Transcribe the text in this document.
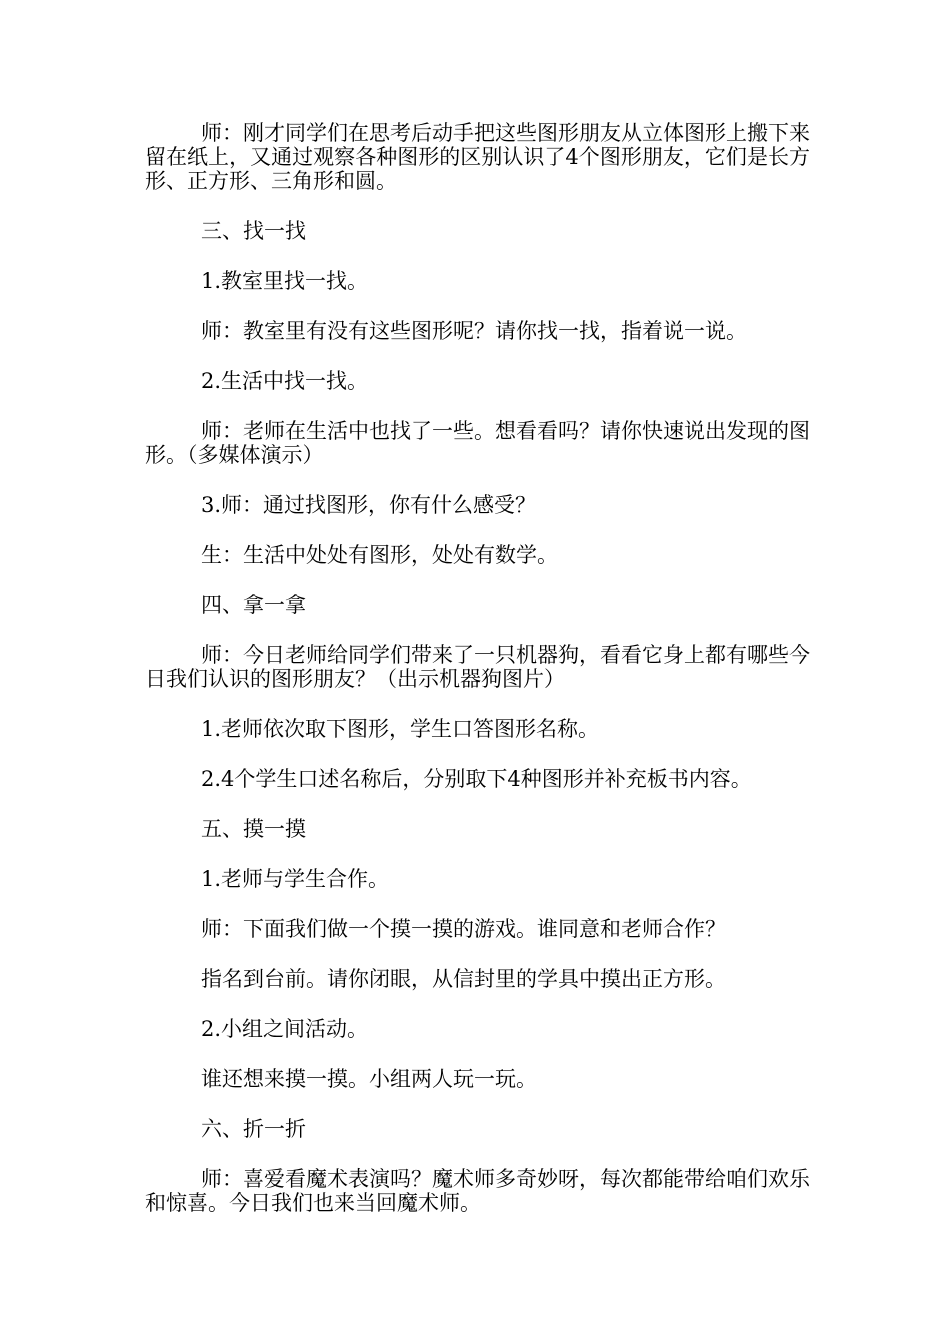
师：刚才同学们在思考后动手把这些图形朋友从立体图形上搬下来留在纸上，又通过观察各种图形的区别认识了4个图形朋友，它们是长方形、正方形、三角形和圆。

三、找一找

1.教室里找一找。

师：教室里有没有这些图形呢？请你找一找，指着说一说。

2.生活中找一找。

师：老师在生活中也找了一些。想看看吗？请你快速说出发现的图形。（多媒体演示）

3.师：通过找图形，你有什么感受？

生：生活中处处有图形，处处有数学。

四、拿一拿

师：今日老师给同学们带来了一只机器狗，看看它身上都有哪些今日我们认识的图形朋友？（出示机器狗图片）

1.老师依次取下图形，学生口答图形名称。

2.4个学生口述名称后，分别取下4种图形并补充板书内容。

五、摸一摸

1.老师与学生合作。

师：下面我们做一个摸一摸的游戏。谁同意和老师合作？

指名到台前。请你闭眼，从信封里的学具中摸出正方形。

2.小组之间活动。

谁还想来摸一摸。小组两人玩一玩。

六、折一折

师：喜爱看魔术表演吗？魔术师多奇妙呀，每次都能带给咱们欢乐和惊喜。今日我们也来当回魔术师。
